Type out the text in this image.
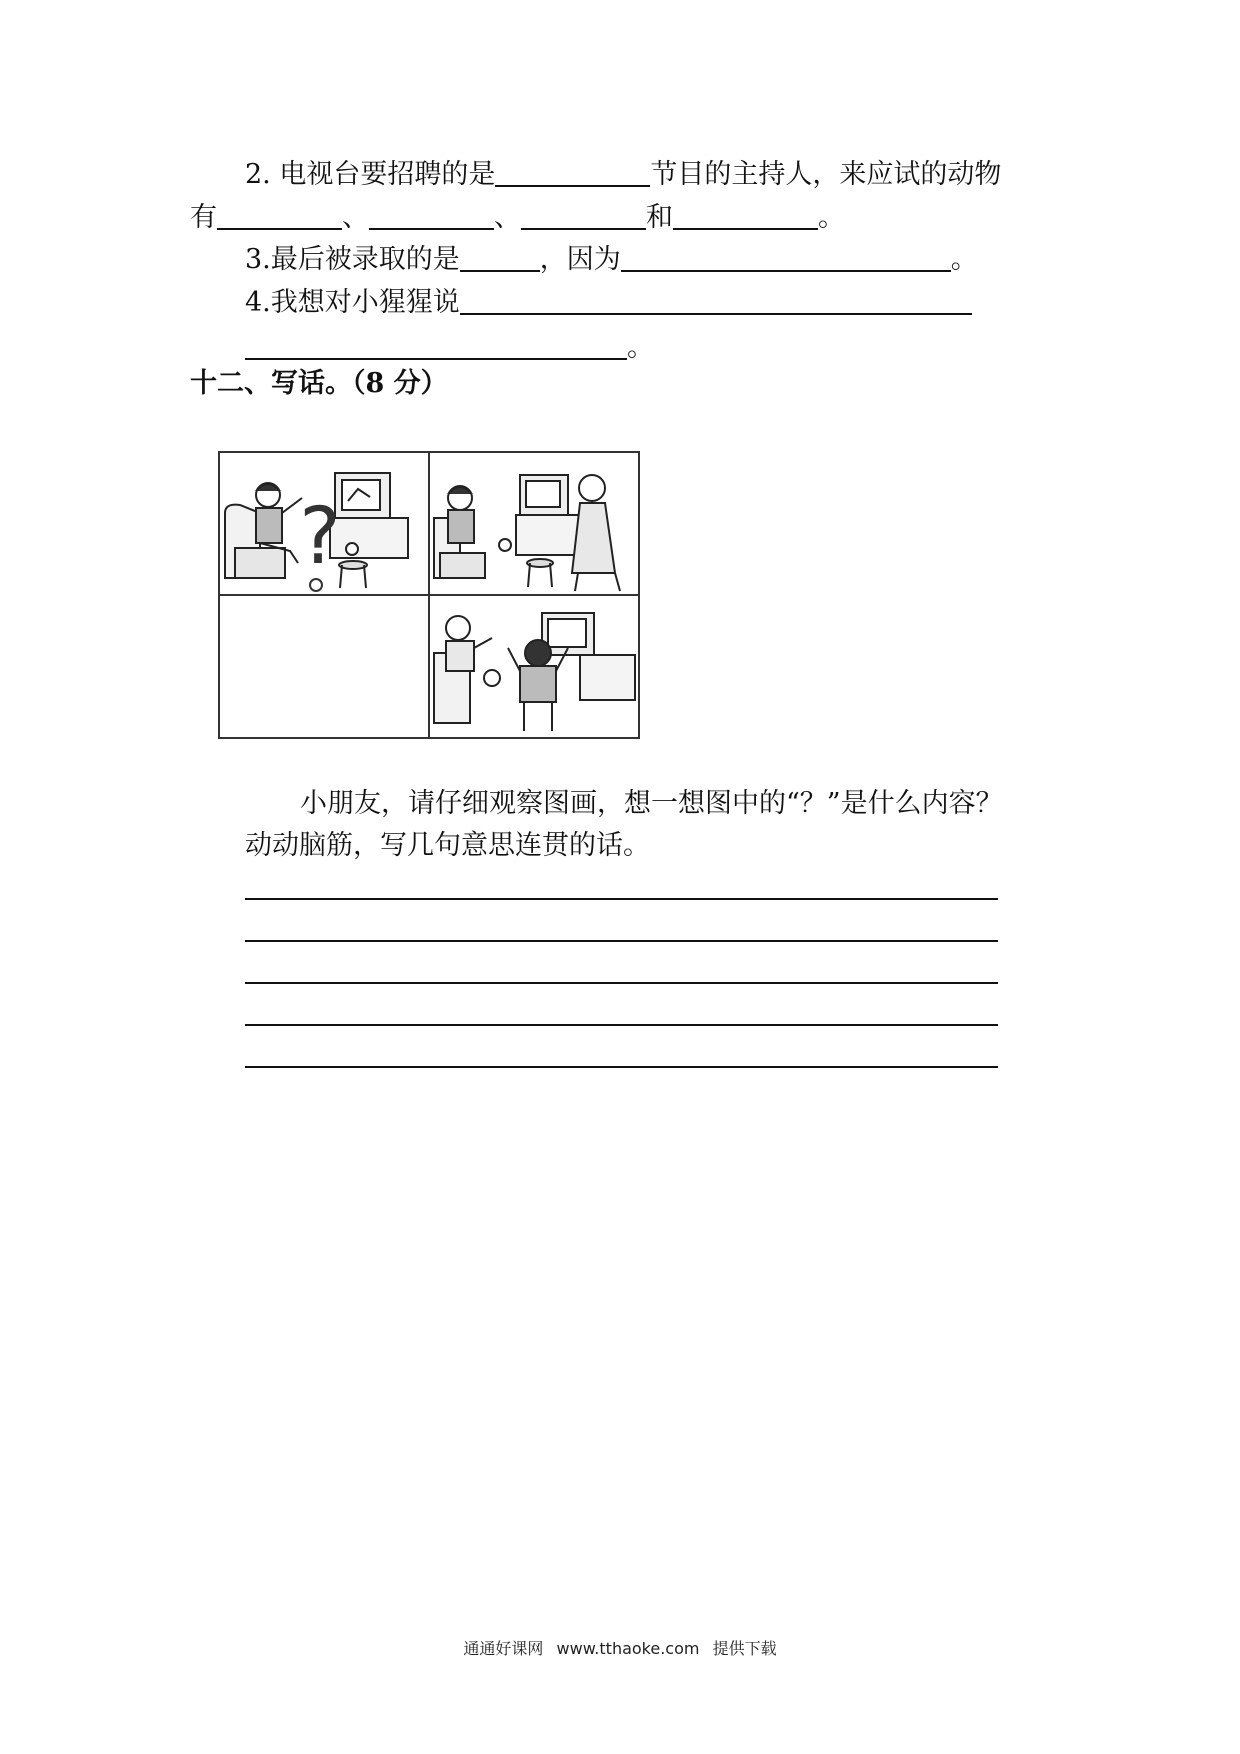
2. 电视台要招聘的是	节目的主持人，来应试的动物
有	、	、	和	。
3.最后被录取的是	，因为	。
4.我想对小猩猩说
。
十二、写话。（8 分）
?
小朋友，请仔细观察图画，想一想图中的“？”是什么内容？
动动脑筋，写几句意思连贯的话。
通通好课网 www.tthaoke.com 提供下载
